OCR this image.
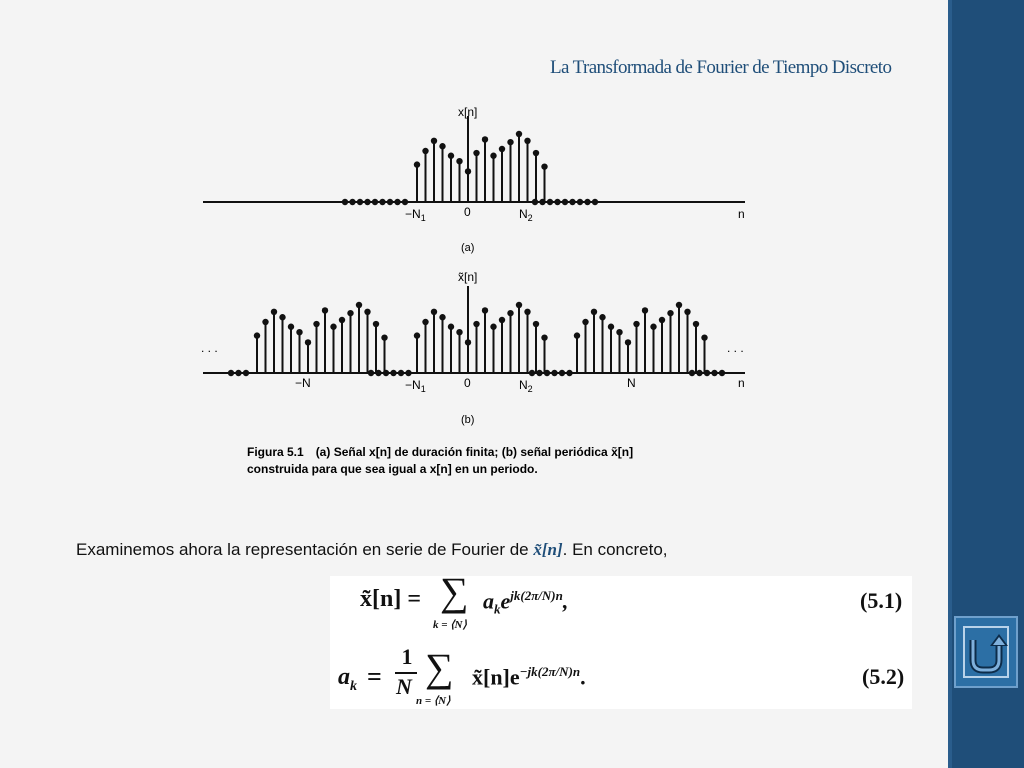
La Transformada de Fourier de Tiempo Discreto
x[n]
$-N_1$	0	$N_2$	n
(a)
x̃[n]
. . .	. . .
−N	$-N_1$	0	$N_2$	N	n
(b)
Figura 5.1 (a) Señal x[n] de duración finita; (b) señal periódica x̃[n]
construida para que sea igual a x[n] en un periodo.
Examinemos ahora la representación en serie de Fourier de x̃[n]. En concreto,
x̃[n] = ∑
k = ⟨N⟩
$a_ke^{jk(2\pi/N)n}$,	(5.1)
$a_k$ =
1
N ∑
n = ⟨N⟩
$x̃[n]e^{-jk(2\pi/N)n}$.	(5.2)
